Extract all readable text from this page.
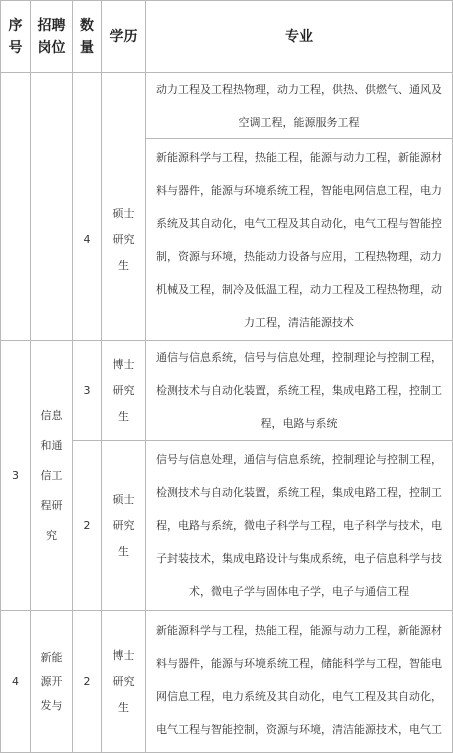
序号
招聘岗位
数量
学历	专业
动力工程及工程热物理，动力工程，供热、供燃气、通风及空调工程，能源服务工程
4
硕士研究生
新能源科学与工程，热能工程，能源与动力工程，新能源材料与器件，能源与环境系统工程，智能电网信息工程，电力系统及其自动化，电气工程及其自动化，电气工程与智能控制，资源与环境，热能动力设备与应用，工程热物理，动力机械及工程，制冷及低温工程，动力工程及工程热物理，动力工程，清洁能源技术
3
信息和通信工程研究
3
博士研究生
通信与信息系统，信号与信息处理，控制理论与控制工程，检测技术与自动化装置，系统工程，集成电路工程，控制工程，电路与系统
2
硕士研究生
信号与信息处理，通信与信息系统，控制理论与控制工程，检测技术与自动化装置，系统工程，集成电路工程，控制工程，电路与系统，微电子科学与工程，电子科学与技术，电子封装技术，集成电路设计与集成系统，电子信息科学与技术，微电子学与固体电子学，电子与通信工程
4
新能源开发与
2
博士研究生
新能源科学与工程，热能工程，能源与动力工程，新能源材料与器件，能源与环境系统工程，储能科学与工程，智能电网信息工程，电力系统及其自动化，电气工程及其自动化，电气工程与智能控制，资源与环境，清洁能源技术，电气工
